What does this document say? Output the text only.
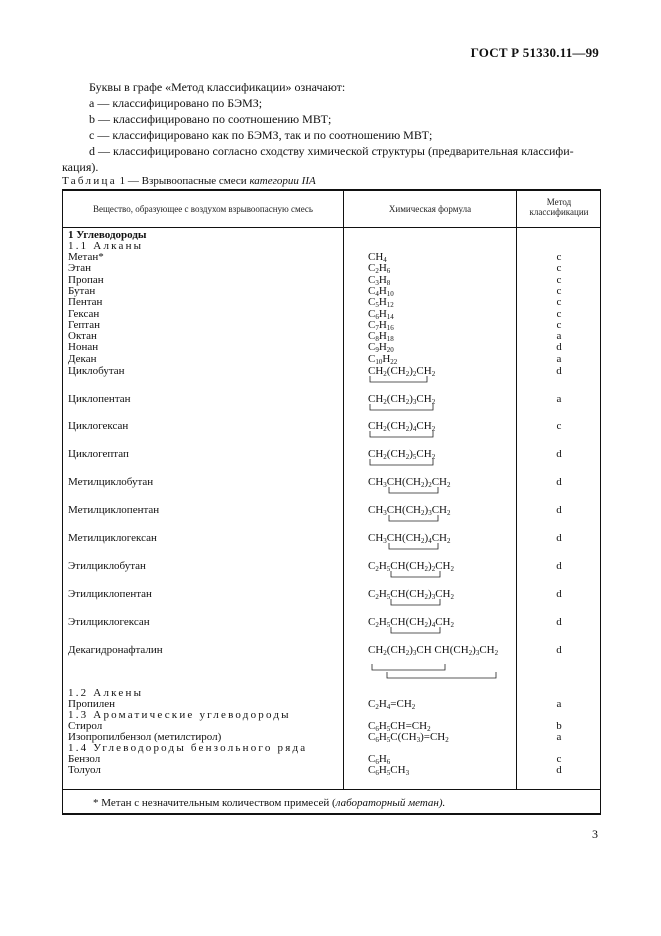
ГОСТ Р 51330.11—99
Буквы в графе «Метод классификации» означают:
а — классифицировано по БЭМЗ;
b — классифицировано по соотношению МВТ;
с — классифицировано как по БЭМЗ, так и по соотношению МВТ;
d — классифицировано согласно сходству химической структуры (предварительная классифи-
кация).
Таблица 1 — Взрывоопасные смеси категории IIA
Вещество, образующее с воздухом взрывоопасную смесь	Химическая формула
Метод
классификации
1 Углеводороды
1.1 Алканы
Метан*	$CH_4$	c
Этан	$C_2H_6$	c
Пропан	$C_3H_8$	c
Бутан	$C_4H_{10}$	c
Пентан	$C_5H_{12}$	c
Гексан	$C_6H_{14}$	c
Гептан	$C_7H_{16}$	c
Октан	$C_8H_{18}$	a
Нонан	$C_9H_{20}$	d
Декан	$C_{10}H_{22}$	a
Циклобутан	$CH_2(CH_2)_2CH_2$	d
Циклопентан	$CH_2(CH_2)_3CH_2$	a
Циклогексан	$CH_2(CH_2)_4CH_2$	c
Циклогептап	$CH_2(CH_2)_5CH_2$	d
Метилциклобутан	$CH_3CH(CH_2)_2CH_2$	d
Метилциклопентан	$CH_3CH(CH_2)_3CH_2$	d
Метилциклогексан	$CH_3CH(CH_2)_4CH_2$	d
Этилциклобутан	$C_2H_5CH(CH_2)_2CH_2$	d
Этилциклопентан	$C_2H_5CH(CH_2)_3CH_2$	d
Этилциклогексан	$C_2H_5CH(CH_2)_4CH_2$	d
Декагидронафталин	$CH_2(CH_2)_3CH$ $CH(CH_2)_3CH_2$	d
1.2 Алкены
Пропилен	$C_2H_4=CH_2$	a
1.3 Ароматические углеводороды
Стирол	$C_6H_5CH=CH_2$	b
Изопропилбензол (метилстирол)	$C_6H_5C(CH_3)=CH_2$	a
1.4 Углеводороды бензольного ряда
Бензол	$C_6H_6$	c
Толуол	$C_6H_5CH_3$	d
* Метан с незначительным количеством примесей (лабораторный метан).
3
